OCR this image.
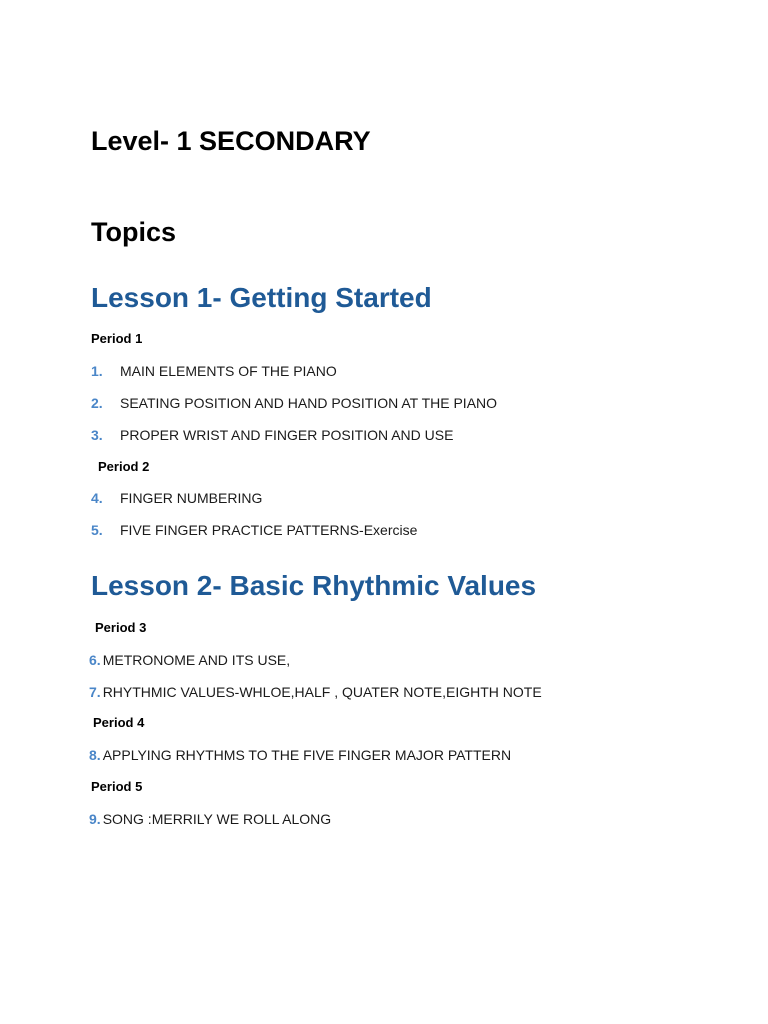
Level- 1 SECONDARY
Topics
Lesson 1- Getting Started
Period 1
1. MAIN ELEMENTS OF THE PIANO
2. SEATING POSITION AND HAND POSITION AT THE PIANO
3. PROPER WRIST AND FINGER POSITION AND USE
Period 2
4. FINGER NUMBERING
5. FIVE FINGER PRACTICE PATTERNS-Exercise
Lesson 2- Basic Rhythmic Values
Period 3
6. METRONOME AND ITS USE,
7. RHYTHMIC VALUES-WHLOE,HALF , QUATER NOTE,EIGHTH NOTE
Period 4
8. APPLYING RHYTHMS TO THE FIVE FINGER MAJOR PATTERN
Period 5
9. SONG :MERRILY WE ROLL ALONG
